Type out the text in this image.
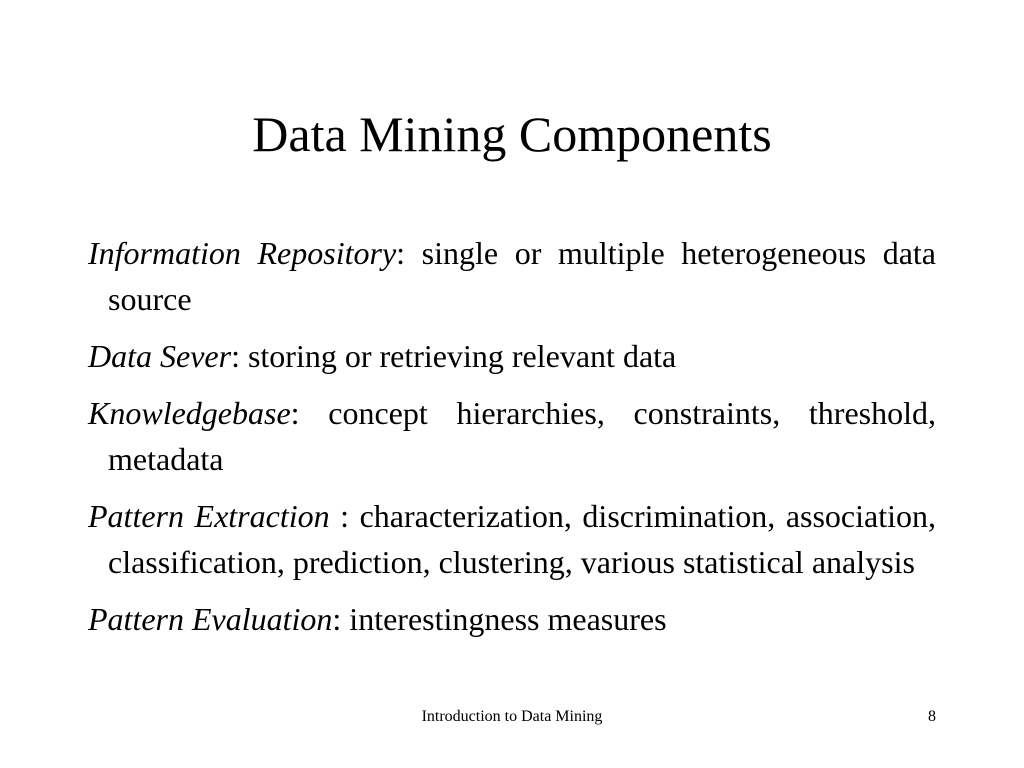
Data Mining Components
Information Repository: single or multiple heterogeneous data source
Data Sever: storing or retrieving relevant data
Knowledgebase: concept hierarchies, constraints, threshold, metadata
Pattern Extraction : characterization, discrimination, association, classification, prediction, clustering, various statistical analysis
Pattern Evaluation: interestingness measures
Introduction to Data Mining	8
